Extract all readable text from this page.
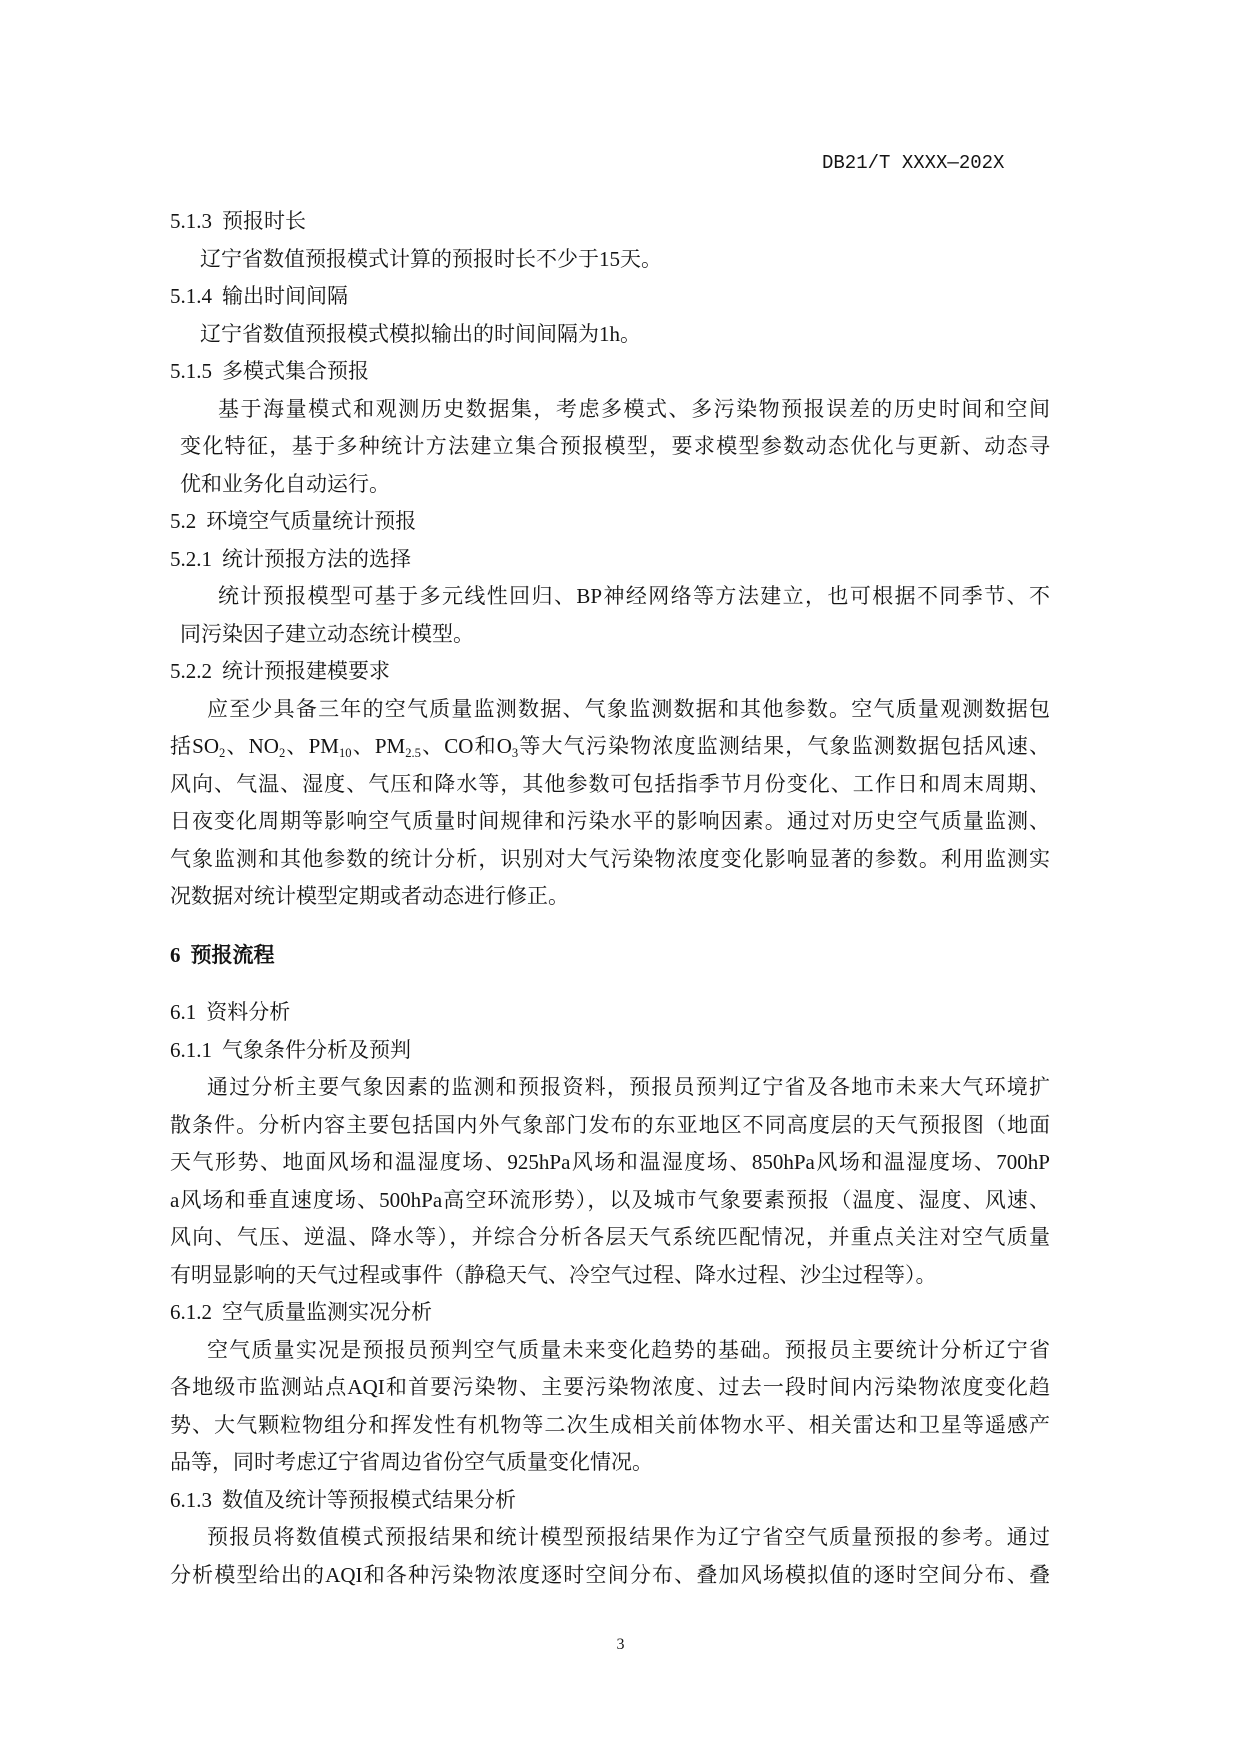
DB21/T XXXX—202X
5.1.3 预报时长
辽宁省数值预报模式计算的预报时长不少于15天。
5.1.4 输出时间间隔
辽宁省数值预报模式模拟输出的时间间隔为1h。
5.1.5 多模式集合预报
基于海量模式和观测历史数据集，考虑多模式、多污染物预报误差的历史时间和空间
变化特征，基于多种统计方法建立集合预报模型，要求模型参数动态优化与更新、动态寻
优和业务化自动运行。
5.2 环境空气质量统计预报
5.2.1 统计预报方法的选择
统计预报模型可基于多元线性回归、BP神经网络等方法建立，也可根据不同季节、不
同污染因子建立动态统计模型。
5.2.2 统计预报建模要求
应至少具备三年的空气质量监测数据、气象监测数据和其他参数。空气质量观测数据包
括$SO_2$、$NO_2$、$PM_{10}$、$PM_{2.5}$、CO和$O_3$等大气污染物浓度监测结果，气象监测数据包括风速、
风向、气温、湿度、气压和降水等，其他参数可包括指季节月份变化、工作日和周末周期、
日夜变化周期等影响空气质量时间规律和污染水平的影响因素。通过对历史空气质量监测、
气象监测和其他参数的统计分析，识别对大气污染物浓度变化影响显著的参数。利用监测实
况数据对统计模型定期或者动态进行修正。
6 预报流程
6.1 资料分析
6.1.1 气象条件分析及预判
通过分析主要气象因素的监测和预报资料，预报员预判辽宁省及各地市未来大气环境扩
散条件。分析内容主要包括国内外气象部门发布的东亚地区不同高度层的天气预报图（地面
天气形势、地面风场和温湿度场、925hPa风场和温湿度场、850hPa风场和温湿度场、700hP
a风场和垂直速度场、500hPa高空环流形势），以及城市气象要素预报（温度、湿度、风速、
风向、气压、逆温、降水等），并综合分析各层天气系统匹配情况，并重点关注对空气质量
有明显影响的天气过程或事件（静稳天气、冷空气过程、降水过程、沙尘过程等）。
6.1.2 空气质量监测实况分析
空气质量实况是预报员预判空气质量未来变化趋势的基础。预报员主要统计分析辽宁省
各地级市监测站点AQI和首要污染物、主要污染物浓度、过去一段时间内污染物浓度变化趋
势、大气颗粒物组分和挥发性有机物等二次生成相关前体物水平、相关雷达和卫星等遥感产
品等，同时考虑辽宁省周边省份空气质量变化情况。
6.1.3 数值及统计等预报模式结果分析
预报员将数值模式预报结果和统计模型预报结果作为辽宁省空气质量预报的参考。通过
分析模型给出的AQI和各种污染物浓度逐时空间分布、叠加风场模拟值的逐时空间分布、叠
3
